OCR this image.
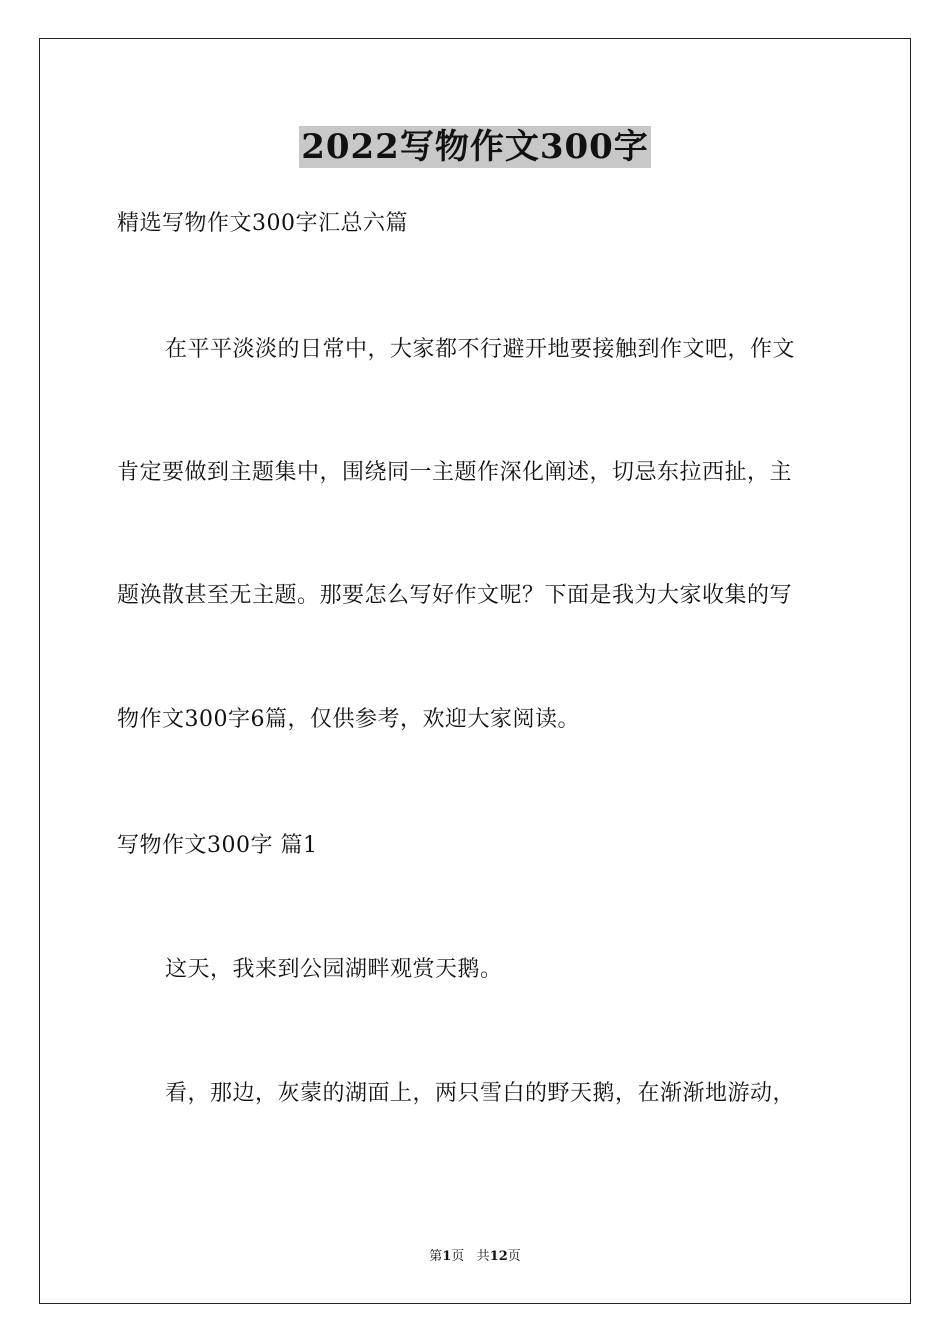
2022写物作文300字
精选写物作文300字汇总六篇
在平平淡淡的日常中，大家都不行避开地要接触到作文吧，作文
肯定要做到主题集中，围绕同一主题作深化阐述，切忌东拉西扯，主
题涣散甚至无主题。那要怎么写好作文呢？下面是我为大家收集的写
物作文300字6篇，仅供参考，欢迎大家阅读。
写物作文300字 篇1
这天，我来到公园湖畔观赏天鹅。
看，那边，灰蒙的湖面上，两只雪白的野天鹅，在渐渐地游动，
第1页 共12页
